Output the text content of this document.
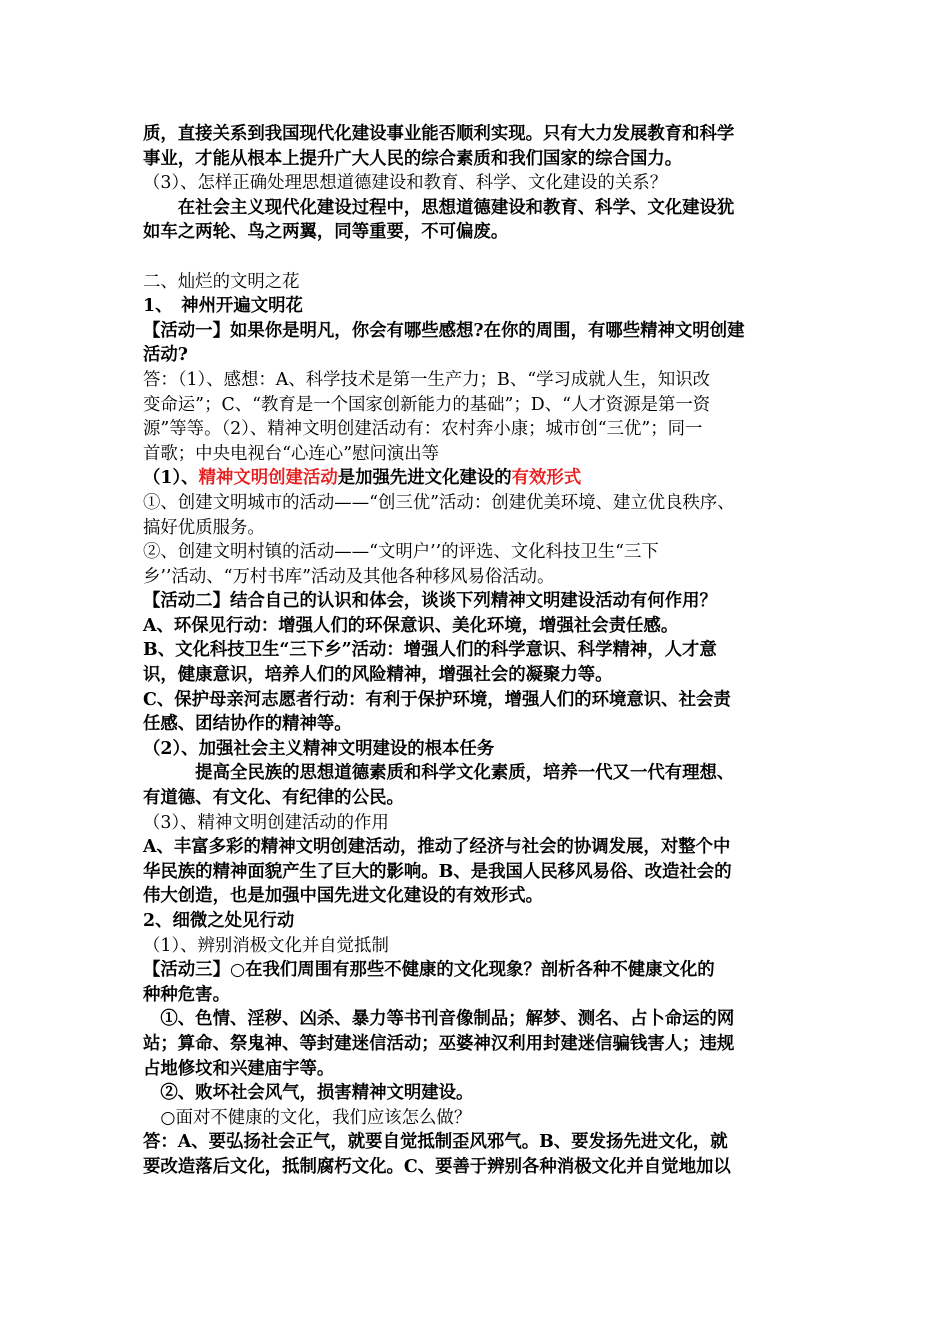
质，直接关系到我国现代化建设事业能否顺利实现。只有大力发展教育和科学
事业，才能从根本上提升广大人民的综合素质和我们国家的综合国力。
（3）、怎样正确处理思想道德建设和教育、科学、文化建设的关系？
　　在社会主义现代化建设过程中，思想道德建设和教育、科学、文化建设犹
如车之两轮、鸟之两翼，同等重要，不可偏废。
二、灿烂的文明之花
1、　神州开遍文明花
【活动一】如果你是明凡，你会有哪些感想?在你的周围，有哪些精神文明创建
活动?
答：（1）、感想：A、科学技术是第一生产力；B、“学习成就人生，知识改
变命运”；C、“教育是一个国家创新能力的基础”；D、“人才资源是第一资
源”等等。（2）、精神文明创建活动有：农村奔小康；城市创“三优”；同一
首歌；中央电视台“心连心”慰问演出等
（1）、精神文明创建活动是加强先进文化建设的有效形式
①、创建文明城市的活动——“创三优”活动：创建优美环境、建立优良秩序、
搞好优质服务。
②、创建文明村镇的活动——“文明户’’的评选、文化科技卫生“三下
乡’’活动、“万村书库”活动及其他各种移风易俗活动。
【活动二】结合自己的认识和体会，谈谈下列精神文明建设活动有何作用？
A、环保见行动：增强人们的环保意识、美化环境，增强社会责任感。
B、文化科技卫生“三下乡”活动：增强人们的科学意识、科学精神，人才意
识，健康意识，培养人们的风险精神，增强社会的凝聚力等。
C、保护母亲河志愿者行动：有利于保护环境，增强人们的环境意识、社会责
任感、团结协作的精神等。
（2）、加强社会主义精神文明建设的根本任务
　　　提高全民族的思想道德素质和科学文化素质，培养一代又一代有理想、
有道德、有文化、有纪律的公民。
（3）、精神文明创建活动的作用
A、丰富多彩的精神文明创建活动，推动了经济与社会的协调发展，对整个中
华民族的精神面貌产生了巨大的影响。B、是我国人民移风易俗、改造社会的
伟大创造，也是加强中国先进文化建设的有效形式。
2、细微之处见行动
（1）、辨别消极文化并自觉抵制
【活动三】○在我们周围有那些不健康的文化现象？剖析各种不健康文化的
种种危害。
　①、色情、淫秽、凶杀、暴力等书刊音像制品；解梦、测名、占卜命运的网
站；算命、祭鬼神、等封建迷信活动；巫婆神汉利用封建迷信骗钱害人；违规
占地修坟和兴建庙宇等。
　②、败坏社会风气，损害精神文明建设。
　○面对不健康的文化，我们应该怎么做？
答：A、要弘扬社会正气，就要自觉抵制歪风邪气。B、要发扬先进文化，就
要改造落后文化，抵制腐朽文化。C、要善于辨别各种消极文化并自觉地加以
